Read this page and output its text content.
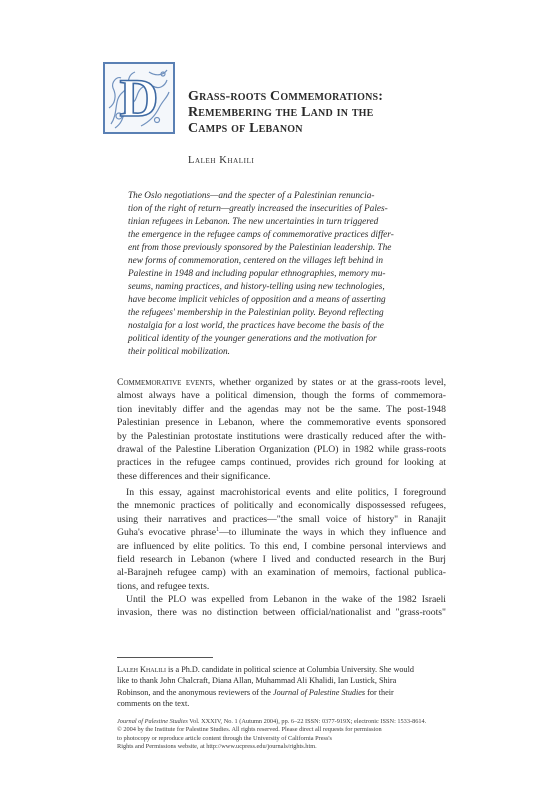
D Grass-roots Commemorations:
Remembering the Land in the
Camps of Lebanon
Laleh Khalili
The Oslo negotiations—and the specter of a Palestinian renuncia-
tion of the right of return—greatly increased the insecurities of Pales-
tinian refugees in Lebanon. The new uncertainties in turn triggered
the emergence in the refugee camps of commemorative practices differ-
ent from those previously sponsored by the Palestinian leadership. The
new forms of commemoration, centered on the villages left behind in
Palestine in 1948 and including popular ethnographies, memory mu-
seums, naming practices, and history-telling using new technologies,
have become implicit vehicles of opposition and a means of asserting
the refugees' membership in the Palestinian polity. Beyond reflecting
nostalgia for a lost world, the practices have become the basis of the
political identity of the younger generations and the motivation for
their political mobilization.
Commemorative events, whether organized by states or at the grass-roots level,
almost always have a political dimension, though the forms of commemora-
tion inevitably differ and the agendas may not be the same. The post-1948
Palestinian presence in Lebanon, where the commemorative events sponsored
by the Palestinian protostate institutions were drastically reduced after the with-
drawal of the Palestine Liberation Organization (PLO) in 1982 while grass-roots
practices in the refugee camps continued, provides rich ground for looking at
these differences and their significance.
In this essay, against macrohistorical events and elite politics, I foreground
the mnemonic practices of politically and economically dispossessed refugees,
using their narratives and practices—"the small voice of history" in Ranajit
Guha's evocative phrase$^1$—to illuminate the ways in which they influence and
are influenced by elite politics. To this end, I combine personal interviews and
field research in Lebanon (where I lived and conducted research in the Burj
al-Barajneh refugee camp) with an examination of memoirs, factional publica-
tions, and refugee texts.
Until the PLO was expelled from Lebanon in the wake of the 1982 Israeli
invasion, there was no distinction between official/nationalist and "grass-roots"
Laleh Khalili is a Ph.D. candidate in political science at Columbia University. She would
like to thank John Chalcraft, Diana Allan, Muhammad Ali Khalidi, Ian Lustick, Shira
Robinson, and the anonymous reviewers of the Journal of Palestine Studies for their
comments on the text.
Journal of Palestine Studies Vol. XXXIV, No. 1 (Autumn 2004), pp. 6–22 ISSN: 0377-919X; electronic ISSN: 1533-8614.
© 2004 by the Institute for Palestine Studies. All rights reserved. Please direct all requests for permission
to photocopy or reproduce article content through the University of California Press's
Rights and Permissions website, at http://www.ucpress.edu/journals/rights.htm.
